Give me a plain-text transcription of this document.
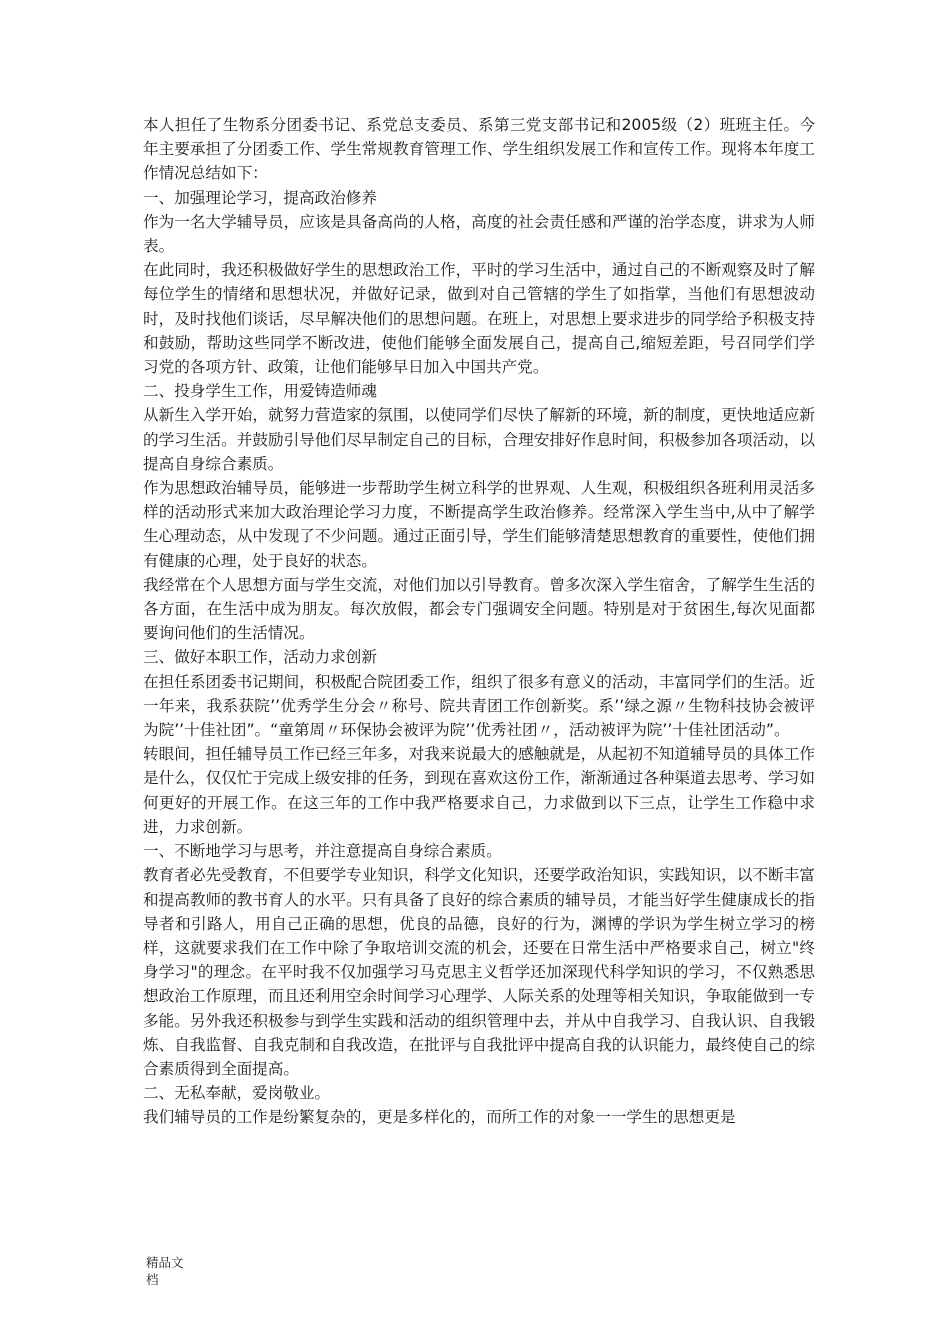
本人担任了生物系分团委书记、系党总支委员、系第三党支部书记和2005级（2）班班主任。今年主要承担了分团委工作、学生常规教育管理工作、学生组织发展工作和宣传工作。现将本年度工作情况总结如下：

一、加强理论学习，提高政治修养

作为一名大学辅导员，应该是具备高尚的人格，高度的社会责任感和严谨的治学态度，讲求为人师表。

在此同时，我还积极做好学生的思想政治工作，平时的学习生活中，通过自己的不断观察及时了解每位学生的情绪和思想状况，并做好记录，做到对自己管辖的学生了如指掌，当他们有思想波动时，及时找他们谈话，尽早解决他们的思想问题。在班上，对思想上要求进步的同学给予积极支持和鼓励，帮助这些同学不断改进，使他们能够全面发展自己，提高自己,缩短差距，号召同学们学习党的各项方针、政策，让他们能够早日加入中国共产党。

二、投身学生工作，用爱铸造师魂

从新生入学开始，就努力营造家的氛围，以使同学们尽快了解新的环境，新的制度，更快地适应新的学习生活。并鼓励引导他们尽早制定自己的目标，合理安排好作息时间，积极参加各项活动，以提高自身综合素质。

作为思想政治辅导员，能够进一步帮助学生树立科学的世界观、人生观，积极组织各班利用灵活多样的活动形式来加大政治理论学习力度，不断提高学生政治修养。经常深入学生当中,从中了解学生心理动态，从中发现了不少问题。通过正面引导，学生们能够清楚思想教育的重要性，使他们拥有健康的心理，处于良好的状态。

我经常在个人思想方面与学生交流，对他们加以引导教育。曾多次深入学生宿舍，了解学生生活的各方面，在生活中成为朋友。每次放假，都会专门强调安全问题。特别是对于贫困生,每次见面都要询问他们的生活情况。

三、做好本职工作，活动力求创新

在担任系团委书记期间，积极配合院团委工作，组织了很多有意义的活动，丰富同学们的生活。近一年来，我系获院’’优秀学生分会〃称号、院共青团工作创新奖。系’’绿之源〃生物科技协会被评为院’’十佳社团”。“童第周〃环保协会被评为院’’优秀社团〃，活动被评为院’’十佳社团活动”。

转眼间，担任辅导员工作已经三年多，对我来说最大的感触就是，从起初不知道辅导员的具体工作是什么，仅仅忙于完成上级安排的任务，到现在喜欢这份工作，渐渐通过各种渠道去思考、学习如何更好的开展工作。在这三年的工作中我严格要求自己，力求做到以下三点，让学生工作稳中求进，力求创新。

一、不断地学习与思考，并注意提高自身综合素质。

教育者必先受教育，不但要学专业知识，科学文化知识，还要学政治知识，实践知识，以不断丰富和提高教师的教书育人的水平。只有具备了良好的综合素质的辅导员，才能当好学生健康成长的指导者和引路人，用自己正确的思想，优良的品德，良好的行为，渊博的学识为学生树立学习的榜样，这就要求我们在工作中除了争取培训交流的机会，还要在日常生活中严格要求自己，树立"终身学习"的理念。在平时我不仅加强学习马克思主义哲学还加深现代科学知识的学习，不仅熟悉思想政治工作原理，而且还利用空余时间学习心理学、人际关系的处理等相关知识，争取能做到一专多能。另外我还积极参与到学生实践和活动的组织管理中去，并从中自我学习、自我认识、自我锻炼、自我监督、自我克制和自我改造，在批评与自我批评中提高自我的认识能力，最终使自己的综合素质得到全面提高。

二、无私奉献，爱岗敬业。

我们辅导员的工作是纷繁复杂的，更是多样化的，而所工作的对象一一学生的思想更是

精品文
档
